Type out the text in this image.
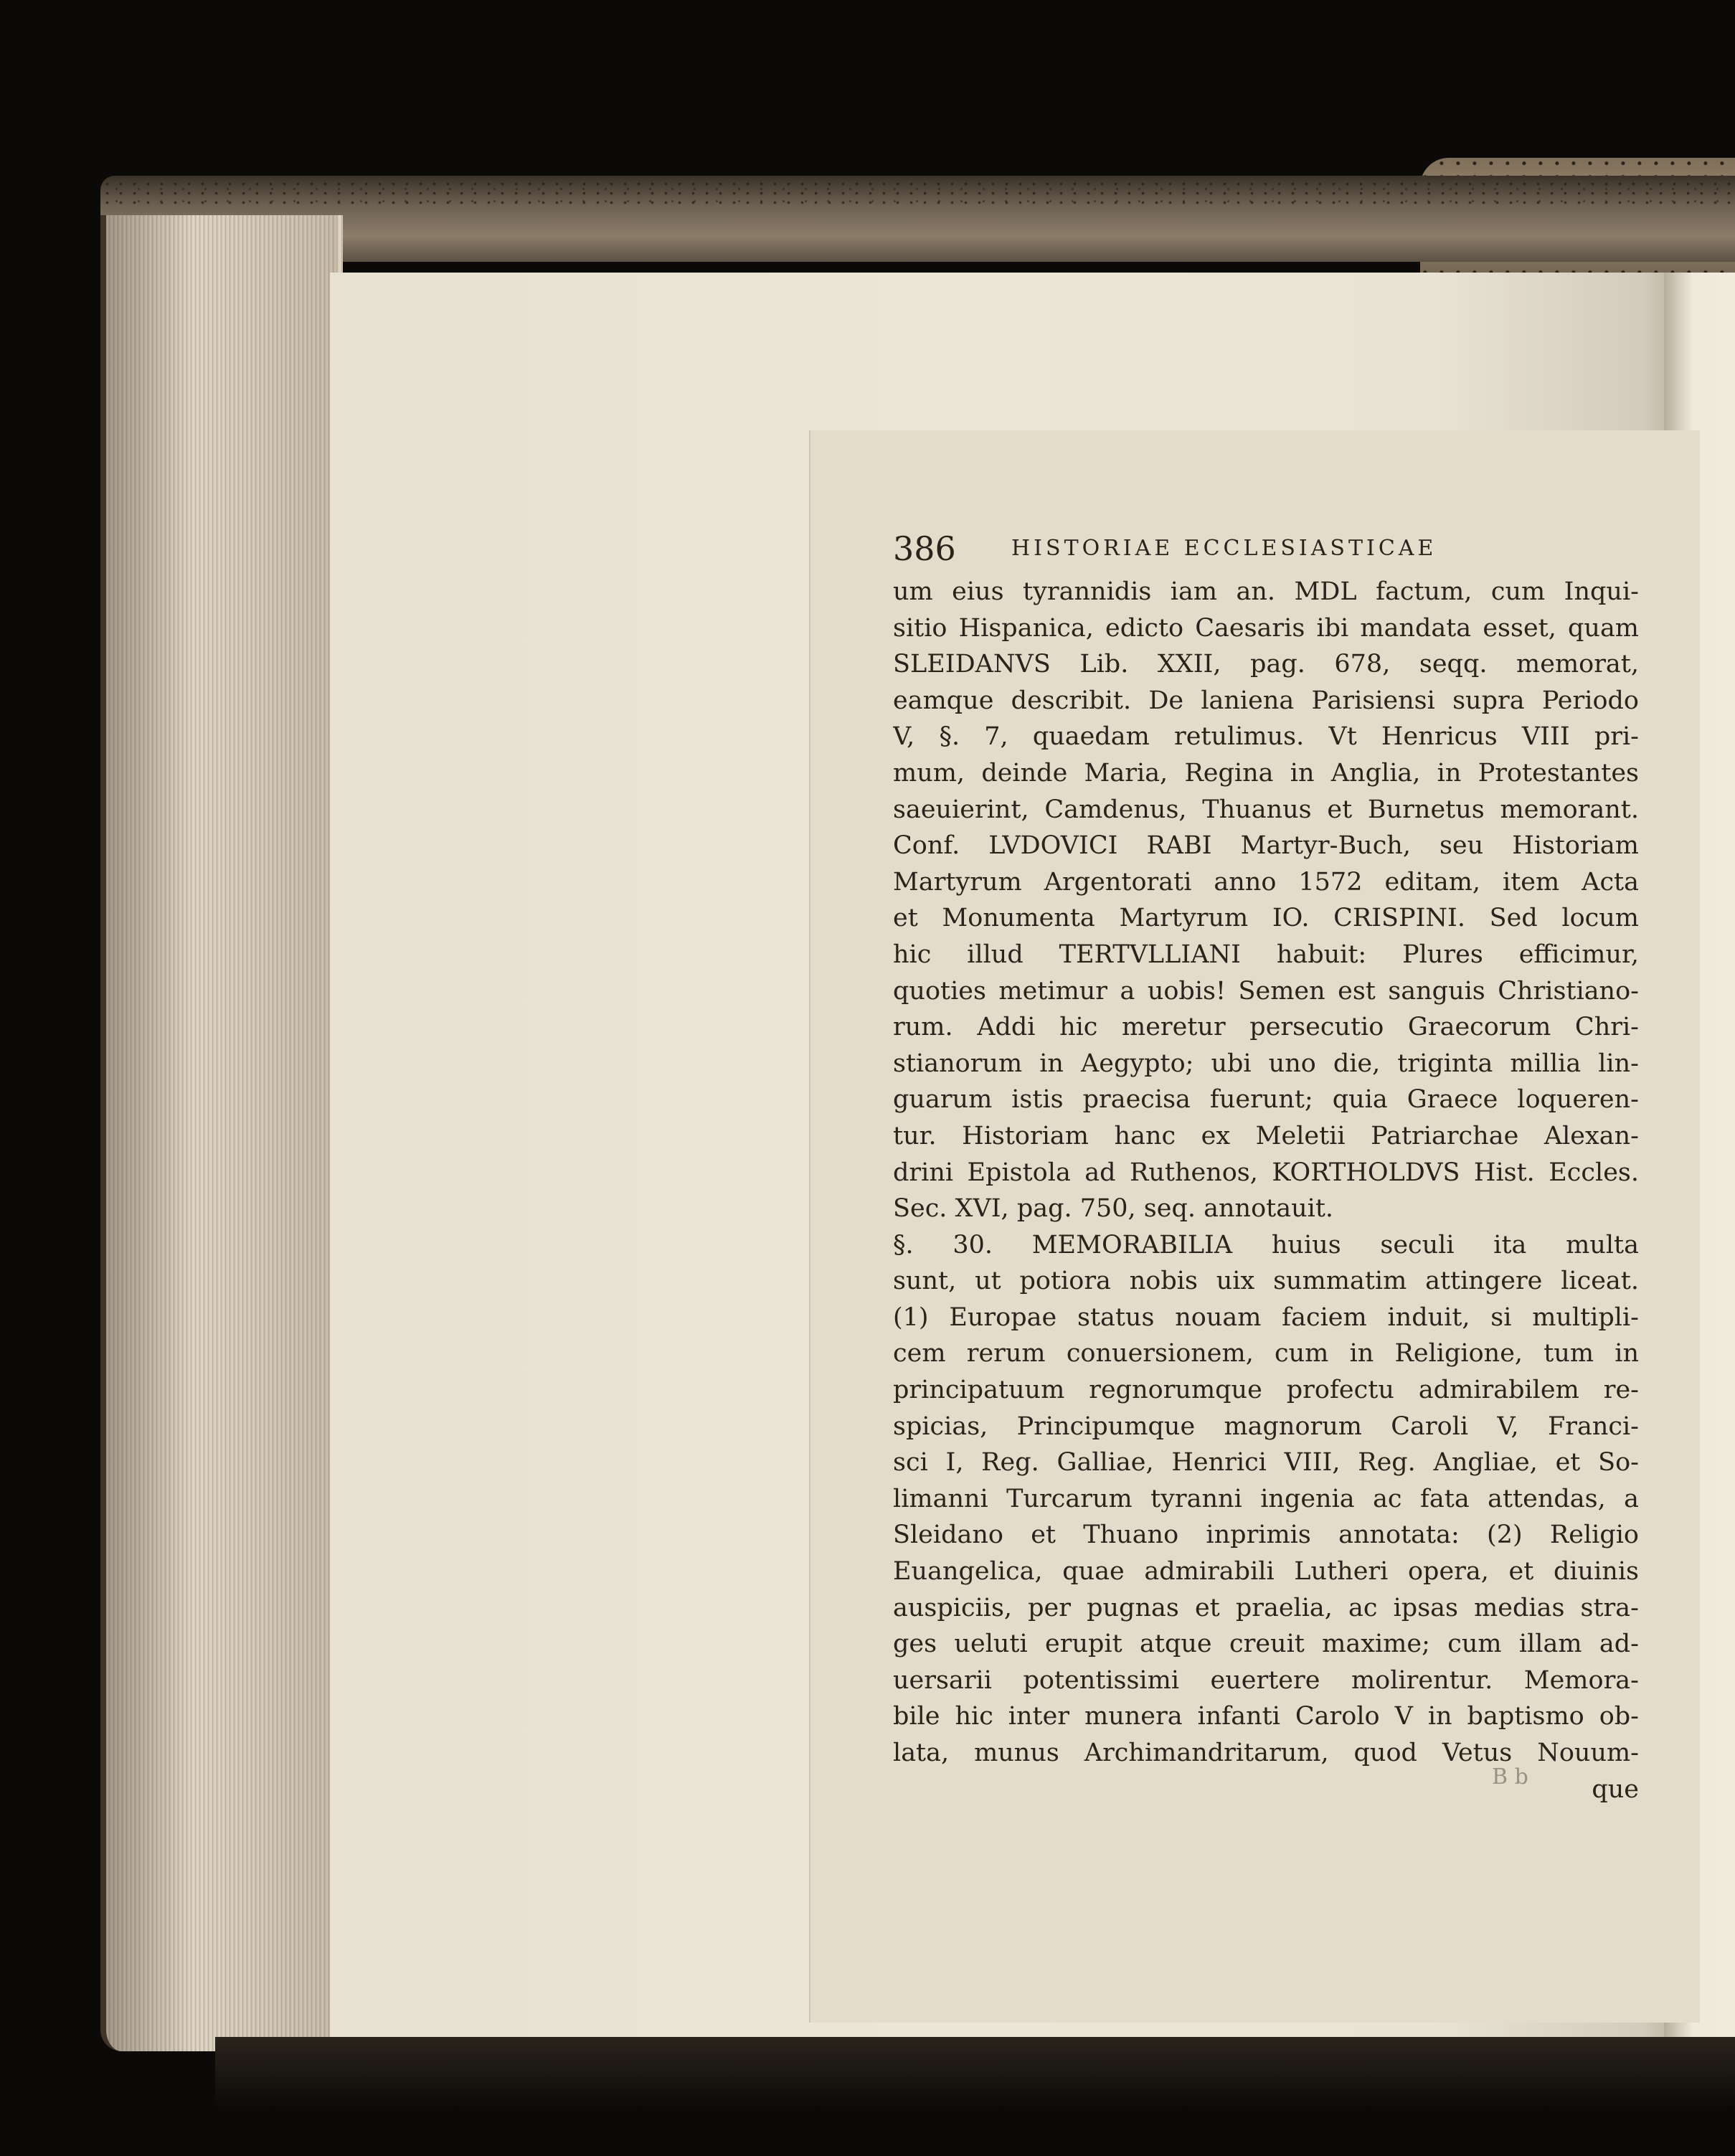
386	HISTORIAE ECCLESIASTICAE
um eius tyrannidis iam an. MDL factum, cum Inqui-
sitio Hispanica, edicto Caesaris ibi mandata esset, quam
SLEIDANVS Lib. XXII, pag. 678, seqq. memorat,
eamque describit. De laniena Parisiensi supra Periodo
V, §. 7, quaedam retulimus. Vt Henricus VIII pri-
mum, deinde Maria, Regina in Anglia, in Protestantes
saeuierint, Camdenus, Thuanus et Burnetus memorant.
Conf. LVDOVICI RABI Martyr-Buch, seu Historiam
Martyrum Argentorati anno 1572 editam, item Acta
et Monumenta Martyrum IO. CRISPINI. Sed locum
hic illud TERTVLLIANI habuit: Plures efficimur,
quoties metimur a uobis! Semen est sanguis Christiano-
rum. Addi hic meretur persecutio Graecorum Chri-
stianorum in Aegypto; ubi uno die, triginta millia lin-
guarum istis praecisa fuerunt; quia Graece loqueren-
tur. Historiam hanc ex Meletii Patriarchae Alexan-
drini Epistola ad Ruthenos, KORTHOLDVS Hist. Eccles.
Sec. XVI, pag. 750, seq. annotauit.
§. 30. MEMORABILIA huius seculi ita multa
sunt, ut potiora nobis uix summatim attingere liceat.
(1) Europae status nouam faciem induit, si multipli-
cem rerum conuersionem, cum in Religione, tum in
principatuum regnorumque profectu admirabilem re-
spicias, Principumque magnorum Caroli V, Franci-
sci I, Reg. Galliae, Henrici VIII, Reg. Angliae, et So-
limanni Turcarum tyranni ingenia ac fata attendas, a
Sleidano et Thuano inprimis annotata: (2) Religio
Euangelica, quae admirabili Lutheri opera, et diuinis
auspiciis, per pugnas et praelia, ac ipsas medias stra-
ges ueluti erupit atque creuit maxime; cum illam ad-
uersarii potentissimi euertere molirentur. Memora-
bile hic inter munera infanti Carolo V in baptismo ob-
lata, munus Archimandritarum, quod Vetus Nouum-
que
B b
